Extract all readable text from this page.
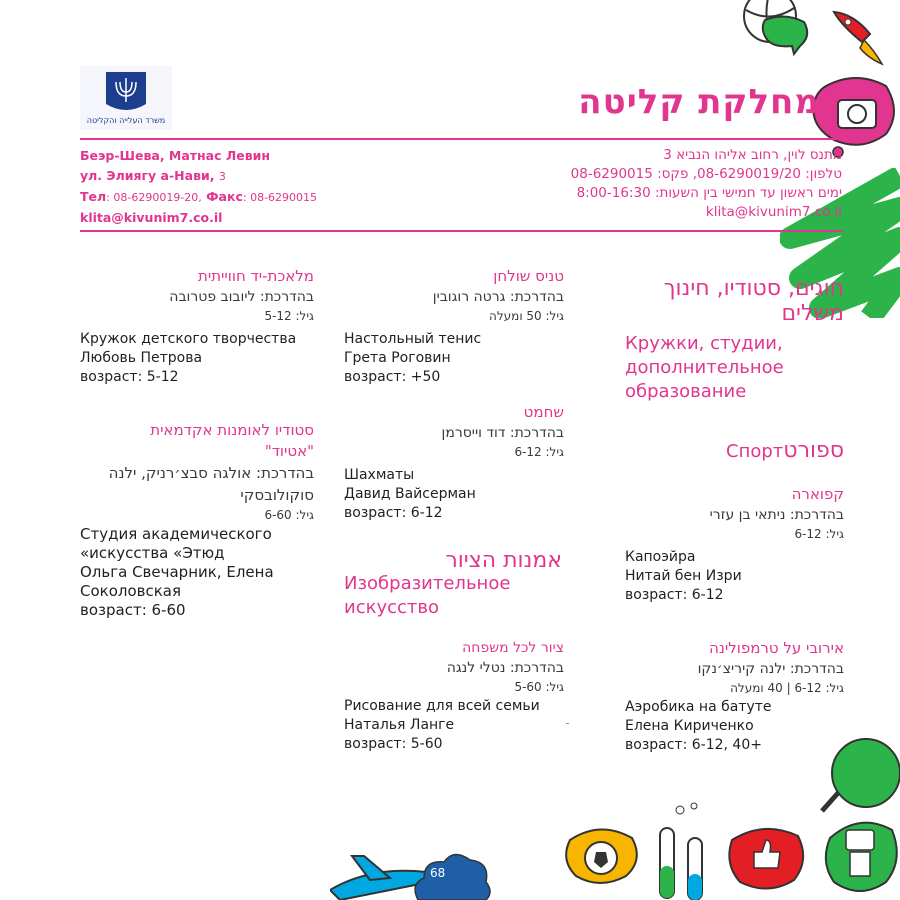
68
משרד העלייה והקליטה	מחלקת קליטה
מתנס לוין, רחוב אליהו הנביא 3
טלפון: 08-6290019/20, פקס: 08-6290015
ימים ראשון עד חמישי בין השעות: 8:00-16:30
klita@kivunim7.co.il
Беэр-Шева, Матнас Левин
ул. Элиягу а-Нави, 3
Тел: 08-6290019-20, Факс: 08-6290015
klita@kivunim7.co.il
חוגים, סטודיו, חינוך משלים
Кружки, студии, дополнительное образование
Спортספורט
קפוארה
בהדרכת: ניתאי בן עזרי
גיל: 6-12
Капоэйра
Нитай бен Изри
возраст: 6-12
אירובי על טרמפולינה
בהדרכת: ילנה קיריצ׳נקו
גיל: 6-12 | 40 ומעלה
Аэробика на батуте
Елена Кириченко
возраст: 6-12, 40+
טניס שולחן
בהדרכת: גרטה רוגובין
גיל: 50 ומעלה
Настольный тенис
Грета Роговин
возраст: +50
שחמט
בהדרכת: דוד וייסרמן
גיל: 6-12
Шахматы
Давид Вайсерман
возраст: 6-12
אמנות הציור
Изобразительное искусство
ציור לכל משפחה
בהדרכת: נטלי לנגה
גיל: 5-60
Рисование для всей семьи
Наталья Ланге
возраст: 5-60
מלאכת-יד חווייתית
בהדרכת: ליובוב פטרובה
גיל: 5-12
Кружок детского творчества
Любовь Петрова
возраст: 5-12
סטודיו לאומנות אקדמאית
"אטיוד"
בהדרכת: אולגה סבצ׳רניק, ילנה
סוקולובסקי
גיל: 6-60
Студия академического
«искусства «Этюд
Ольга Свечарник, Елена
Соколовская
возраст: 6-60
